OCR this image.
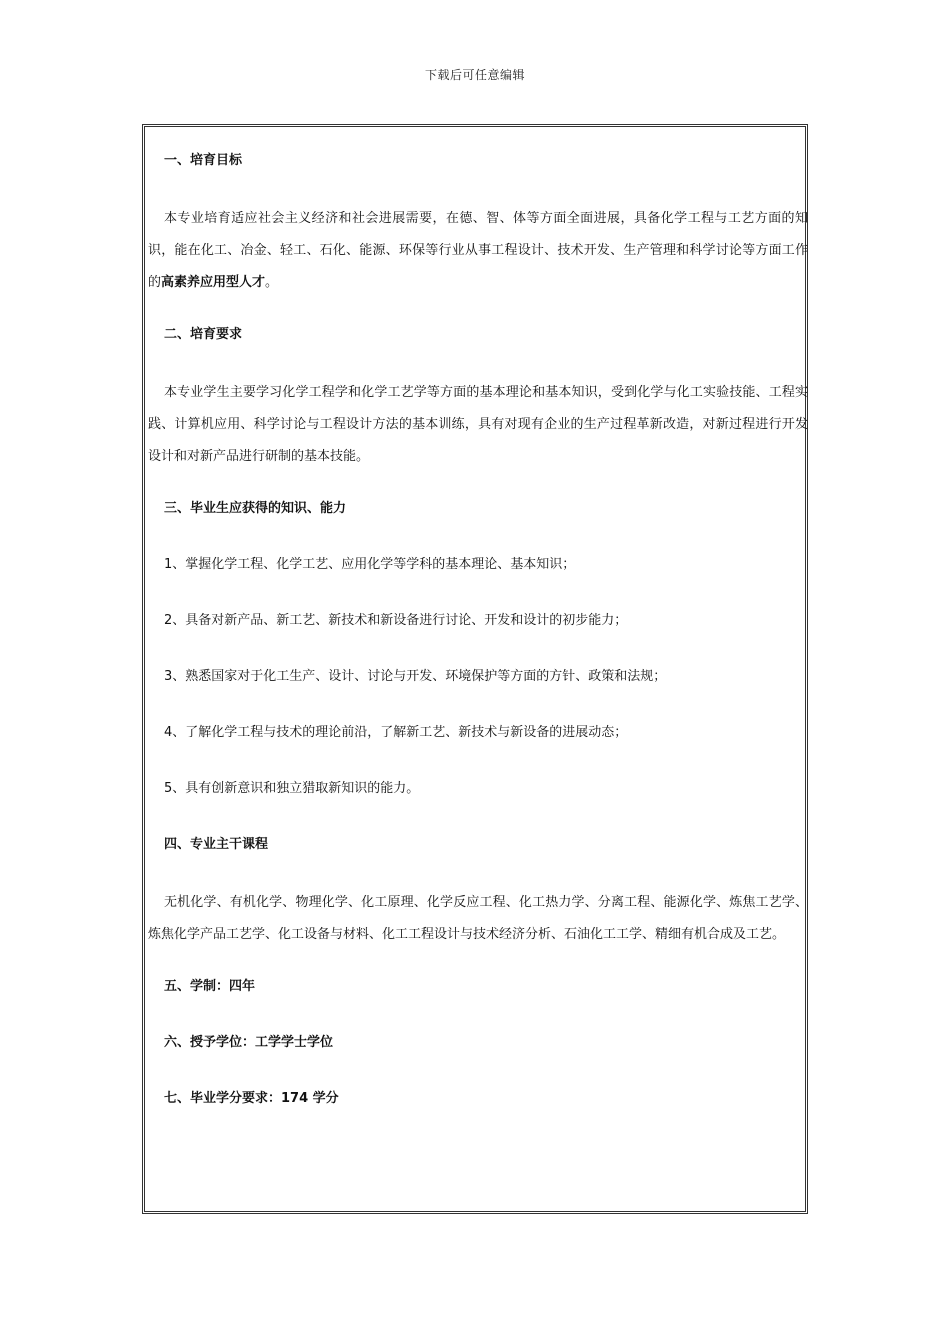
下载后可任意编辑
一、培育目标
本专业培育适应社会主义经济和社会进展需要，在德、智、体等方面全面进展，具备化学工程与工艺方面的知识，能在化工、冶金、轻工、石化、能源、环保等行业从事工程设计、技术开发、生产管理和科学讨论等方面工作的高素养应用型人才。
二、培育要求
本专业学生主要学习化学工程学和化学工艺学等方面的基本理论和基本知识，受到化学与化工实验技能、工程实践、计算机应用、科学讨论与工程设计方法的基本训练，具有对现有企业的生产过程革新改造，对新过程进行开发设计和对新产品进行研制的基本技能。
三、毕业生应获得的知识、能力
1、掌握化学工程、化学工艺、应用化学等学科的基本理论、基本知识；
2、具备对新产品、新工艺、新技术和新设备进行讨论、开发和设计的初步能力；
3、熟悉国家对于化工生产、设计、讨论与开发、环境保护等方面的方针、政策和法规；
4、了解化学工程与技术的理论前沿，了解新工艺、新技术与新设备的进展动态；
5、具有创新意识和独立猎取新知识的能力。
四、专业主干课程
无机化学、有机化学、物理化学、化工原理、化学反应工程、化工热力学、分离工程、能源化学、炼焦工艺学、炼焦化学产品工艺学、化工设备与材料、化工工程设计与技术经济分析、石油化工工学、精细有机合成及工艺。
五、学制：四年
六、授予学位：工学学士学位
七、毕业学分要求：174 学分
